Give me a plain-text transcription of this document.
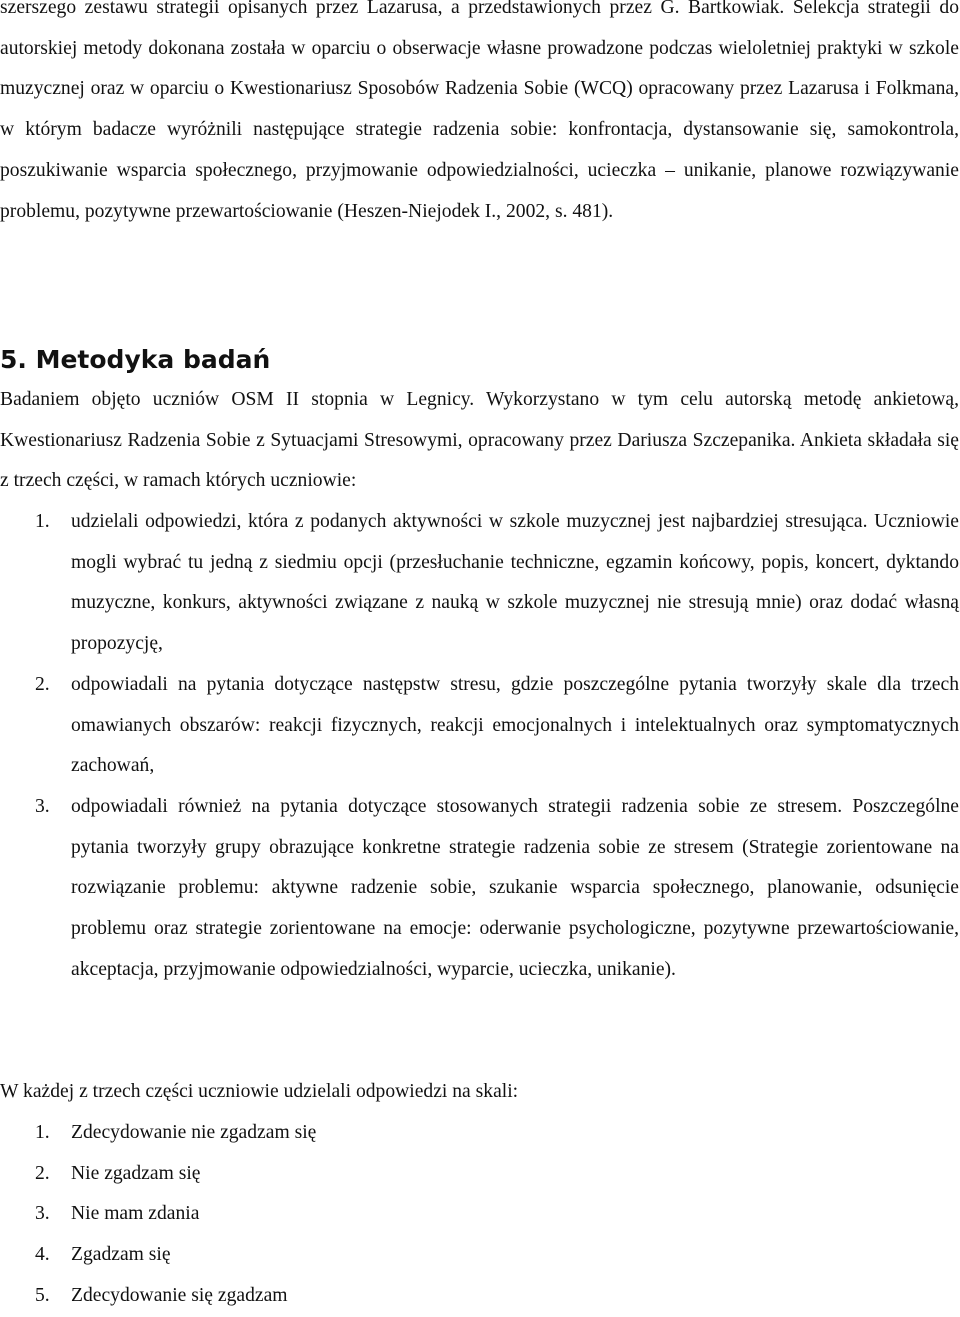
szerszego zestawu strategii opisanych przez Lazarusa, a przedstawionych przez G. Bartkowiak. Selekcja strategii do autorskiej metody dokonana została w oparciu o obserwacje własne prowadzone podczas wieloletniej praktyki w szkole muzycznej oraz w oparciu o Kwestionariusz Sposobów Radzenia Sobie (WCQ) opracowany przez Lazarusa i Folkmana, w którym badacze wyróżnili następujące strategie radzenia sobie: konfrontacja, dystansowanie się, samokontrola, poszukiwanie wsparcia społecznego, przyjmowanie odpowiedzialności, ucieczka – unikanie, planowe rozwiązywanie problemu, pozytywne przewartościowanie (Heszen-Niejodek I., 2002, s. 481).

5. Metodyka badań

Badaniem objęto uczniów OSM II stopnia w Legnicy. Wykorzystano w tym celu autorską metodę ankietową, Kwestionariusz Radzenia Sobie z Sytuacjami Stresowymi, opracowany przez Dariusza Szczepanika. Ankieta składała się z trzech części, w ramach których uczniowie:

1. udzielali odpowiedzi, która z podanych aktywności w szkole muzycznej jest najbardziej stresująca. Uczniowie mogli wybrać tu jedną z siedmiu opcji (przesłuchanie techniczne, egzamin końcowy, popis, koncert, dyktando muzyczne, konkurs, aktywności związane z nauką w szkole muzycznej nie stresują mnie) oraz dodać własną propozycję,
2. odpowiadali na pytania dotyczące następstw stresu, gdzie poszczególne pytania tworzyły skale dla trzech omawianych obszarów: reakcji fizycznych, reakcji emocjonalnych i intelektualnych oraz symptomatycznych zachowań,
3. odpowiadali również na pytania dotyczące stosowanych strategii radzenia sobie ze stresem. Poszczególne pytania tworzyły grupy obrazujące konkretne strategie radzenia sobie ze stresem (Strategie zorientowane na rozwiązanie problemu: aktywne radzenie sobie, szukanie wsparcia społecznego, planowanie, odsunięcie problemu oraz strategie zorientowane na emocje: oderwanie psychologiczne, pozytywne przewartościowanie, akceptacja, przyjmowanie odpowiedzialności, wyparcie, ucieczka, unikanie).

W każdej z trzech części uczniowie udzielali odpowiedzi na skali:

1. Zdecydowanie nie zgadzam się
2. Nie zgadzam się
3. Nie mam zdania
4. Zgadzam się
5. Zdecydowanie się zgadzam
